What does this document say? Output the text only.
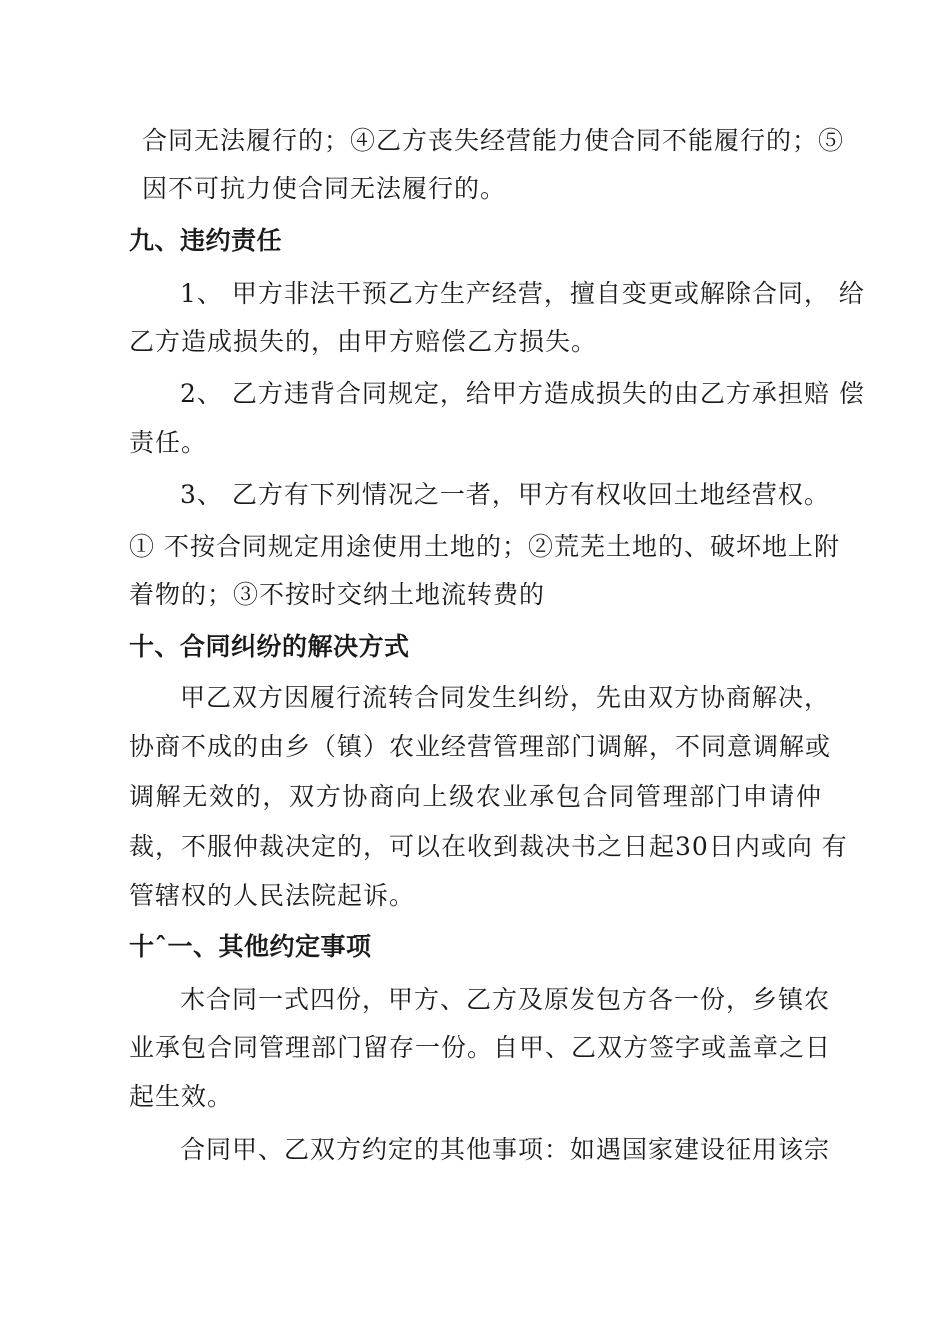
合同无法履行的；④乙方丧失经营能力使合同不能履行的；⑤
因不可抗力使合同无法履行的。
九、违约责任
1、 甲方非法干预乙方生产经营，擅自变更或解除合同， 给
乙方造成损失的，由甲方赔偿乙方损失。
2、 乙方违背合同规定，给甲方造成损失的由乙方承担赔 偿
责任。
3、 乙方有下列情况之一者，甲方有权收回土地经营权。
① 不按合同规定用途使用土地的；②荒芜土地的、破坏地上附
着物的；③不按时交纳土地流转费的
十、合同纠纷的解决方式
甲乙双方因履行流转合同发生纠纷，先由双方协商解决，
协商不成的由乡（镇）农业经营管理部门调解，不同意调解或
调解无效的，双方协商向上级农业承包合同管理部门申请仲
裁，不服仲裁决定的，可以在收到裁决书之日起30日内或向 有
管辖权的人民法院起诉。
十ˆ一、其他约定事项
木合同一式四份，甲方、乙方及原发包方各一份，乡镇农
业承包合同管理部门留存一份。自甲、乙双方签字或盖章之日
起生效。
合同甲、乙双方约定的其他事项：如遇国家建设征用该宗
